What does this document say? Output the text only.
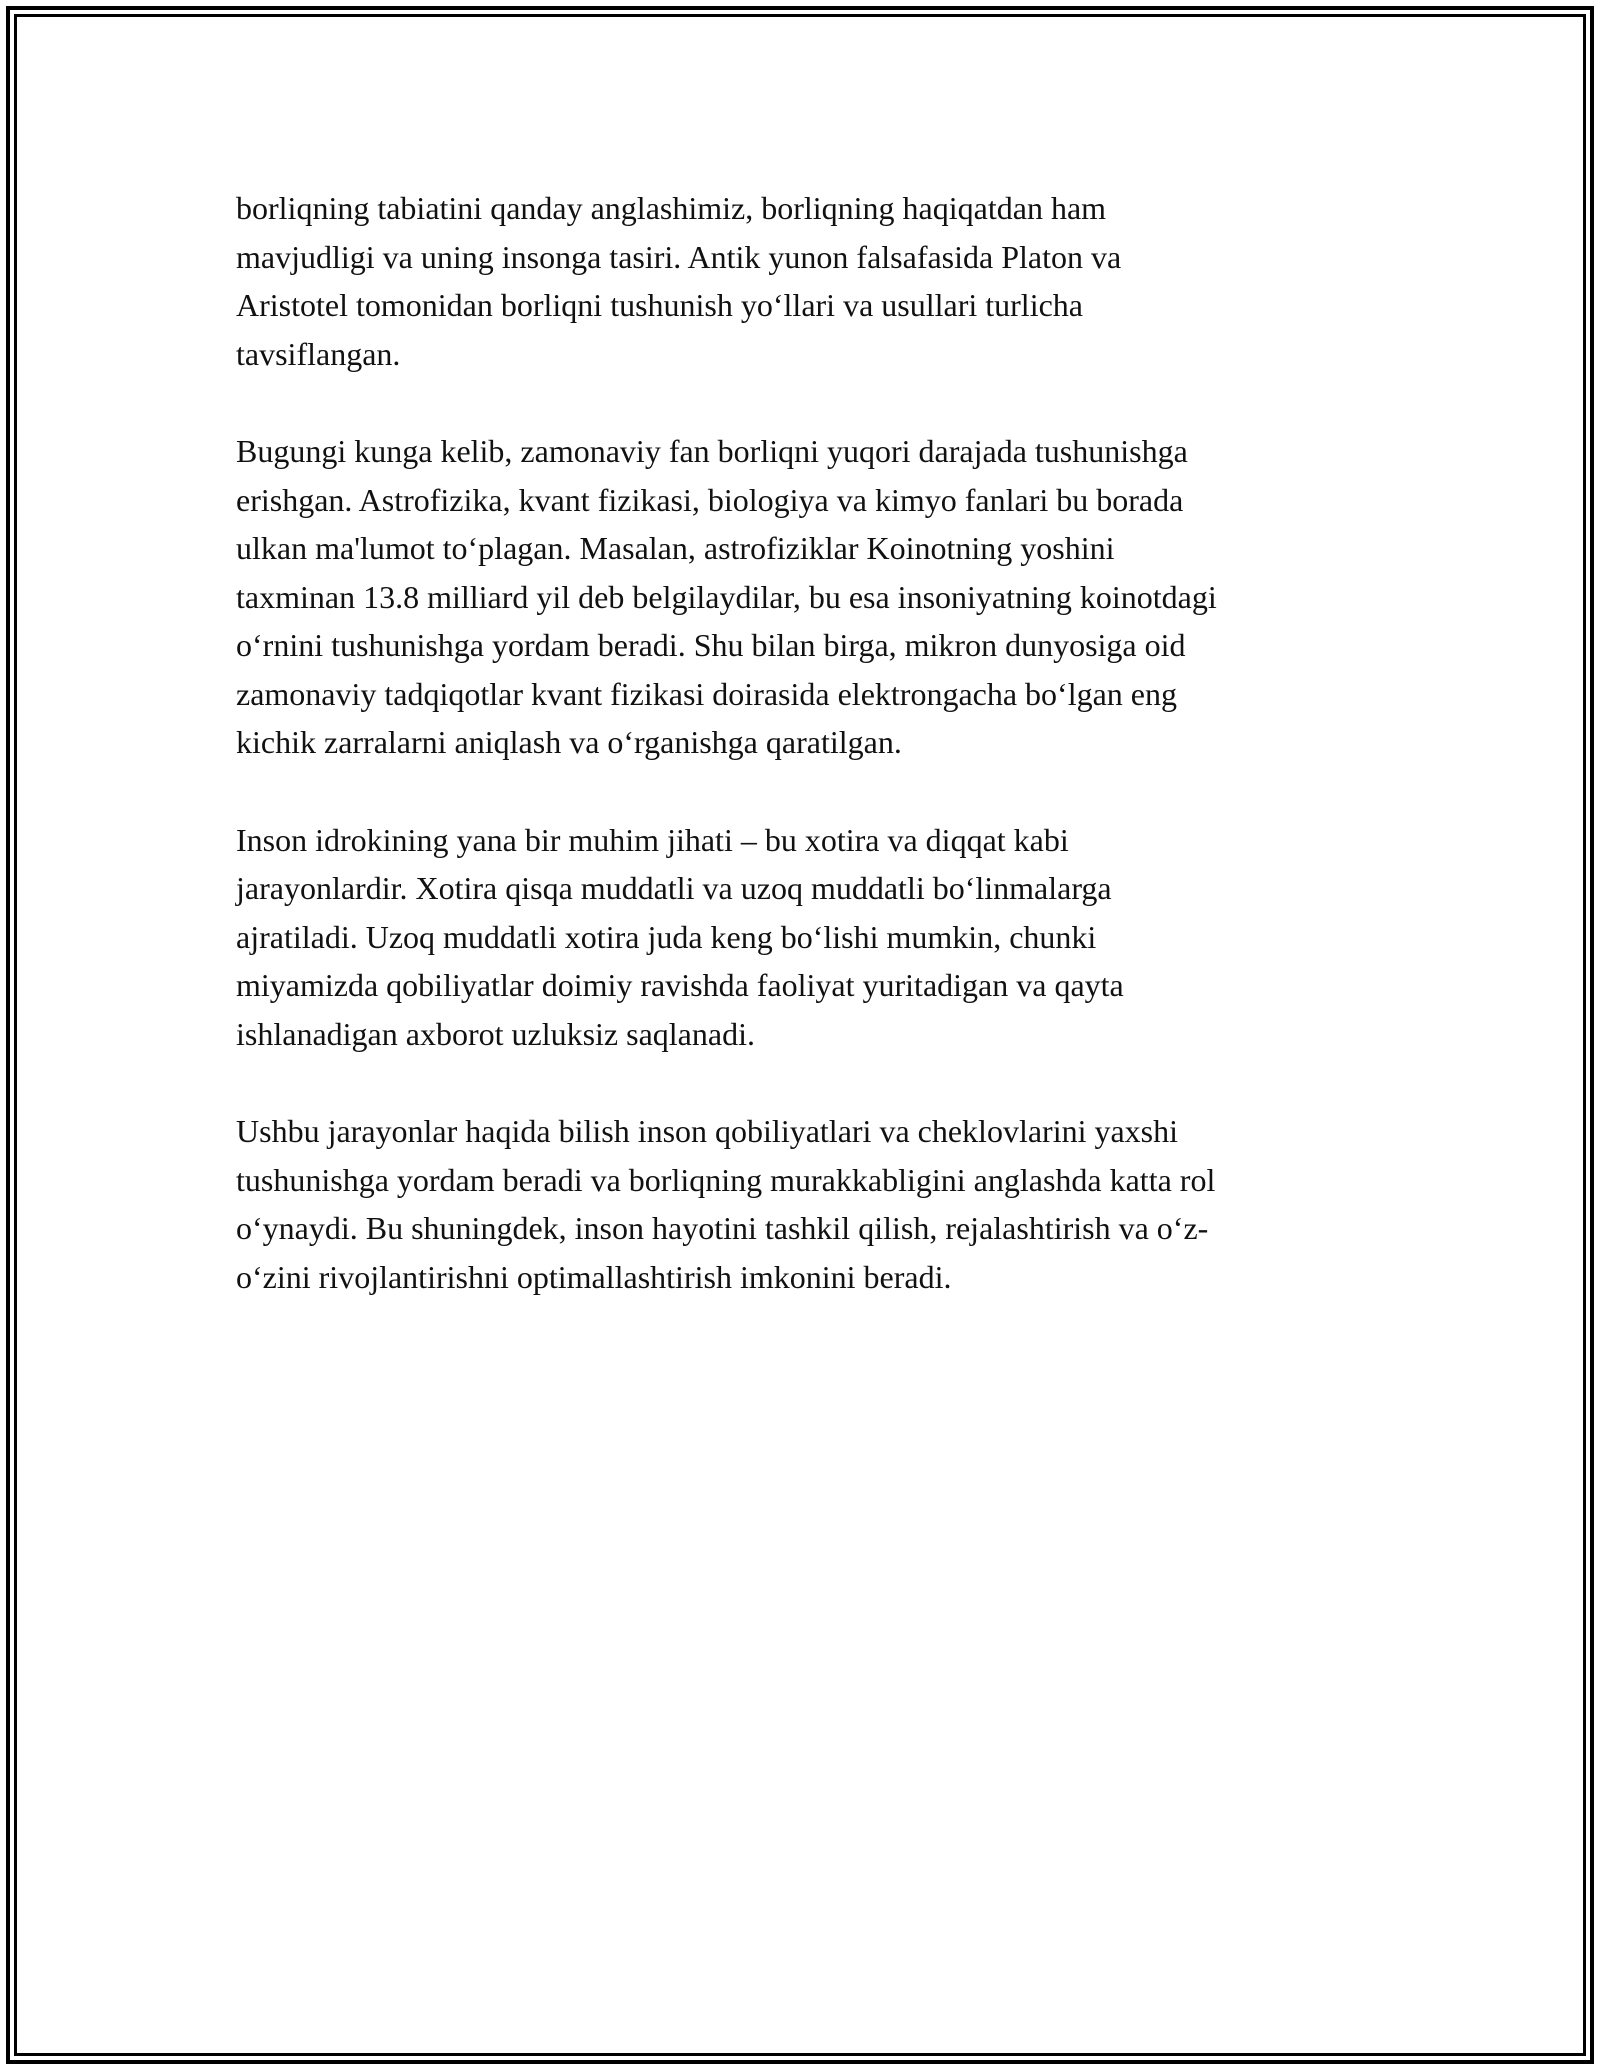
borliqning tabiatini qanday anglashimiz, borliqning haqiqatdan ham
mavjudligi va uning insonga tasiri. Antik yunon falsafasida Platon va
Aristotel tomonidan borliqni tushunish yo‘llari va usullari turlicha
tavsiflangan.

Bugungi kunga kelib, zamonaviy fan borliqni yuqori darajada tushunishga
erishgan. Astrofizika, kvant fizikasi, biologiya va kimyo fanlari bu borada
ulkan ma'lumot to‘plagan. Masalan, astrofiziklar Koinotning yoshini
taxminan 13.8 milliard yil deb belgilaydilar, bu esa insoniyatning koinotdagi
o‘rnini tushunishga yordam beradi. Shu bilan birga, mikron dunyosiga oid
zamonaviy tadqiqotlar kvant fizikasi doirasida elektrongacha bo‘lgan eng
kichik zarralarni aniqlash va o‘rganishga qaratilgan.

Inson idrokining yana bir muhim jihati – bu xotira va diqqat kabi
jarayonlardir. Xotira qisqa muddatli va uzoq muddatli bo‘linmalarga
ajratiladi. Uzoq muddatli xotira juda keng bo‘lishi mumkin, chunki
miyamizda qobiliyatlar doimiy ravishda faoliyat yuritadigan va qayta
ishlanadigan axborot uzluksiz saqlanadi.

Ushbu jarayonlar haqida bilish inson qobiliyatlari va cheklovlarini yaxshi
tushunishga yordam beradi va borliqning murakkabligini anglashda katta rol
o‘ynaydi. Bu shuningdek, inson hayotini tashkil qilish, rejalashtirish va o‘z-
o‘zini rivojlantirishni optimallashtirish imkonini beradi.
